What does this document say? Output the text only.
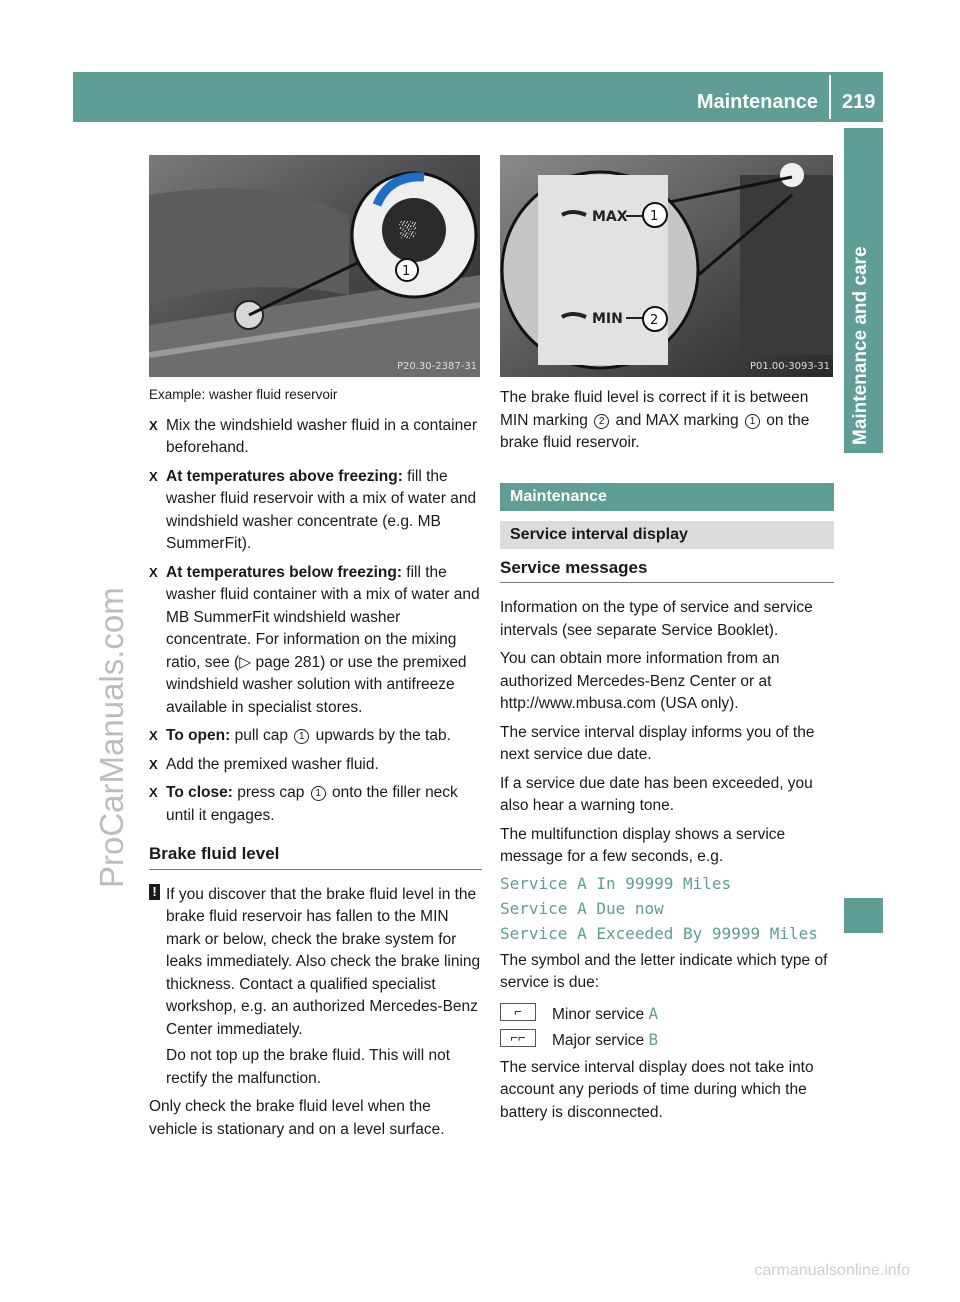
Maintenance 219
Maintenance and care
ProCarManuals.com
carmanualsonline.info
⛆
1
P20.30-2387-31
MAX
MIN
1
2
P01.00-3093-31

Example: washer fluid reservoir

X Mix the windshield washer fluid in a container beforehand.
X At temperatures above freezing: fill the washer fluid reservoir with a mix of water and windshield washer concentrate (e.g. MB SummerFit).
X At temperatures below freezing: fill the washer fluid container with a mix of water and MB SummerFit windshield washer concentrate. For information on the mixing ratio, see (▷ page 281) or use the premixed windshield washer solution with antifreeze available in specialist stores.
X To open: pull cap 1 upwards by the tab.
X Add the premixed washer fluid.
X To close: press cap 1 onto the filler neck until it engages.
Brake fluid level
! If you discover that the brake fluid level in the brake fluid reservoir has fallen to the MIN mark or below, check the brake system for leaks immediately. Also check the brake lining thickness. Contact a qualified specialist workshop, e.g. an authorized Mercedes-Benz Center immediately.

Do not top up the brake fluid. This will not rectify the malfunction.

Only check the brake fluid level when the vehicle is stationary and on a level surface.

The brake fluid level is correct if it is between MIN marking 2 and MAX marking 1 on the brake fluid reservoir.

Maintenance
Service interval display
Service messages

Information on the type of service and service intervals (see separate Service Booklet).

You can obtain more information from an authorized Mercedes-Benz Center or at http://www.mbusa.com (USA only).

The service interval display informs you of the next service due date.

If a service due date has been exceeded, you also hear a warning tone.

The multifunction display shows a service message for a few seconds, e.g.

Service A In 99999 Miles
Service A Due now
Service A Exceeded By 99999 Miles

The symbol and the letter indicate which type of service is due:

⌐	Minor service A
⌐⌐	Major service B

The service interval display does not take into account any periods of time during which the battery is disconnected.
